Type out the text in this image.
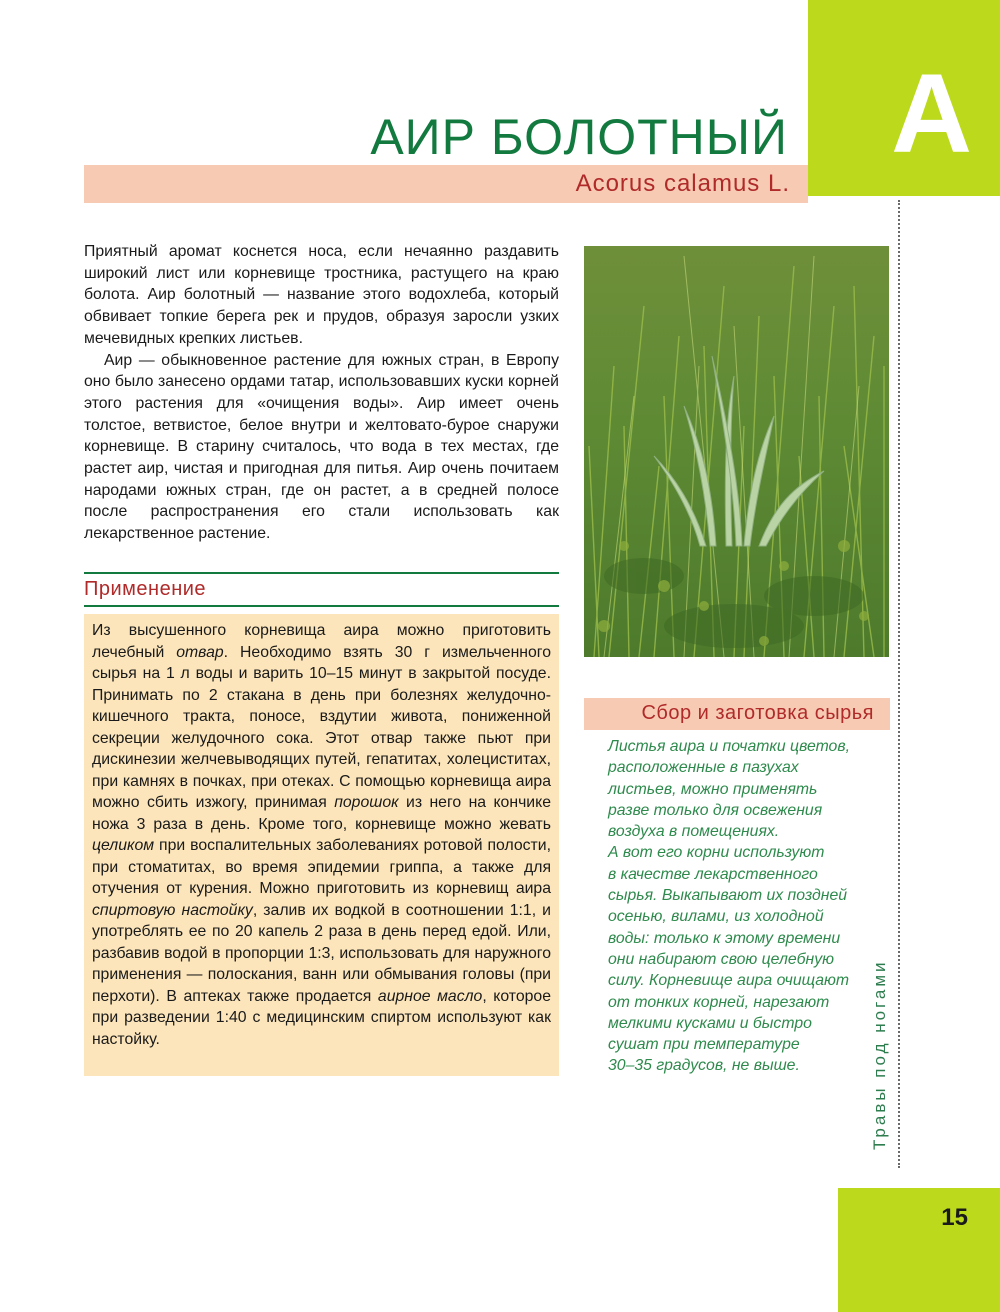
А
15
Травы под ногами
АИР БОЛОТНЫЙ
Acorus calamus L.

Приятный аромат коснется носа, если нечаянно раздавить широкий лист или корневище тростника, растущего на краю болота. Аир болотный — название этого водохлеба, который обвивает топкие берега рек и прудов, образуя заросли узких мечевидных крепких листьев.

Аир — обыкновенное растение для южных стран, в Европу оно было занесено ордами татар, использовавших куски корней этого растения для «очищения воды». Аир имеет очень толстое, ветвистое, белое внутри и желтовато-бурое снаружи корневище. В старину считалось, что вода в тех местах, где растет аир, чистая и пригодная для питья. Аир очень почитаем народами южных стран, где он растет, а в средней полосе после распространения его стали использовать как лекарственное растение.

Применение
Из высушенного корневища аира можно приготовить лечебный отвар. Необходимо взять 30 г измельченного сырья на 1 л воды и варить 10–15 минут в закрытой посуде. Принимать по 2 стакана в день при болезнях желудочно-кишечного тракта, поносе, вздутии живота, пониженной секреции желудочного сока. Этот отвар также пьют при дискинезии желчевыводящих путей, гепатитах, холециститах, при камнях в почках, при отеках. С помощью корневища аира можно сбить изжогу, принимая порошок из него на кончике ножа 3 раза в день. Кроме того, корневище можно жевать целиком при воспалительных заболеваниях ротовой полости, при стоматитах, во время эпидемии гриппа, а также для отучения от курения. Можно приготовить из корневищ аира спиртовую настойку, залив их водкой в соотношении 1:1, и употреблять ее по 20 капель 2 раза в день перед едой. Или, разбавив водой в пропорции 1:3, использовать для наружного применения — полоскания, ванн или обмывания головы (при перхоти). В аптеках также продается аирное масло, которое при разведении 1:40 с медицинским спиртом используют как настойку.
Сбор и заготовка сырья
Листья аира и початки цветов,
расположенные в пазухах
листьев, можно применять
разве только для освежения
воздуха в помещениях.
А вот его корни используют
в качестве лекарственного
сырья. Выкапывают их поздней
осенью, вилами, из холодной
воды: только к этому времени
они набирают свою целебную
силу. Корневище аира очищают
от тонких корней, нарезают
мелкими кусками и быстро
сушат при температуре
30–35 градусов, не выше.
